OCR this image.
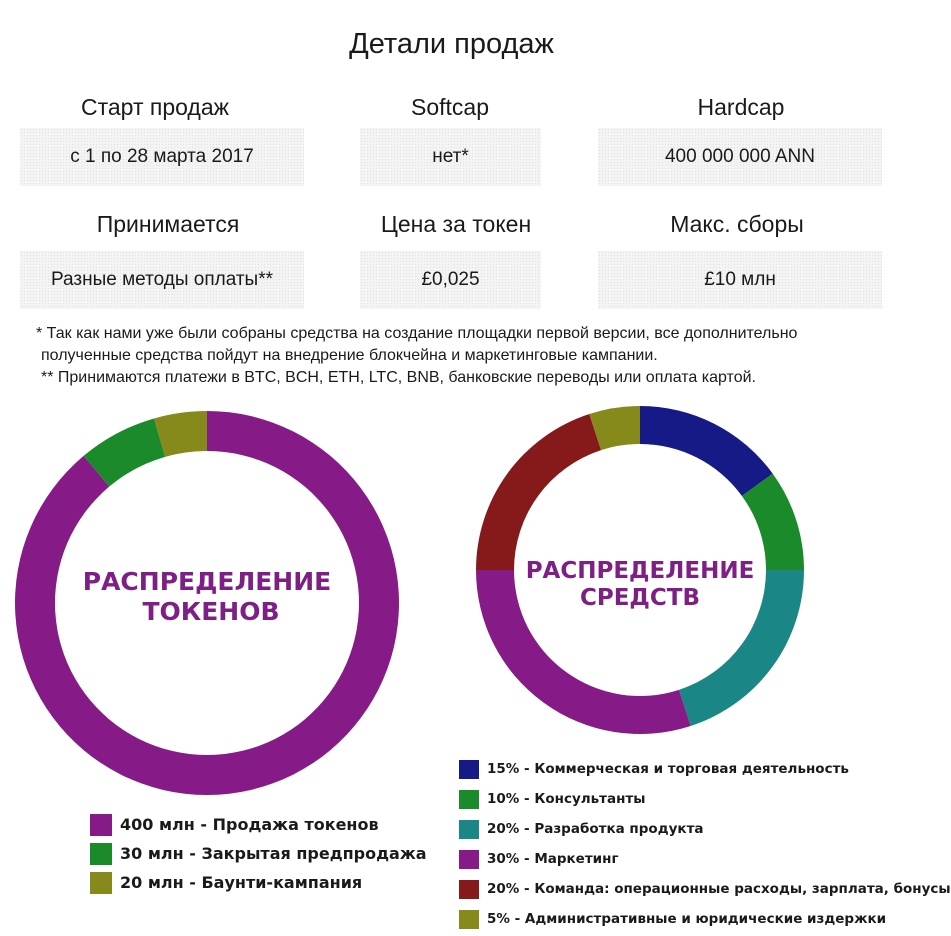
Детали продаж
Старт продаж
с 1 по 28 марта 2017
Softcap
нет*
Hardcap
400 000 000 ANN
Принимается
Разные методы оплаты**
Цена за токен
£0,025
Макс. сборы
£10 млн
* Так как нами уже были собраны средства на создание площадки первой версии, все дополнительно
полученные средства пойдут на внедрение блокчейна и маркетинговые кампании.
** Принимаются платежи в BTC, BCH, ETH, LTC, BNB, банковские переводы или оплата картой.
РАСПРЕДЕЛЕНИЕ
ТОКЕНОВ
РАСПРЕДЕЛЕНИЕ
СРЕДСТВ
400 млн - Продажа токенов
30 млн - Закрытая предпродажа
20 млн - Баунти-кампания
15% - Коммерческая и торговая деятельность
10% - Консультанты
20% - Разработка продукта
30% - Маркетинг
20% - Команда: операционные расходы, зарплата, бонусы
5% - Административные и юридические издержки
